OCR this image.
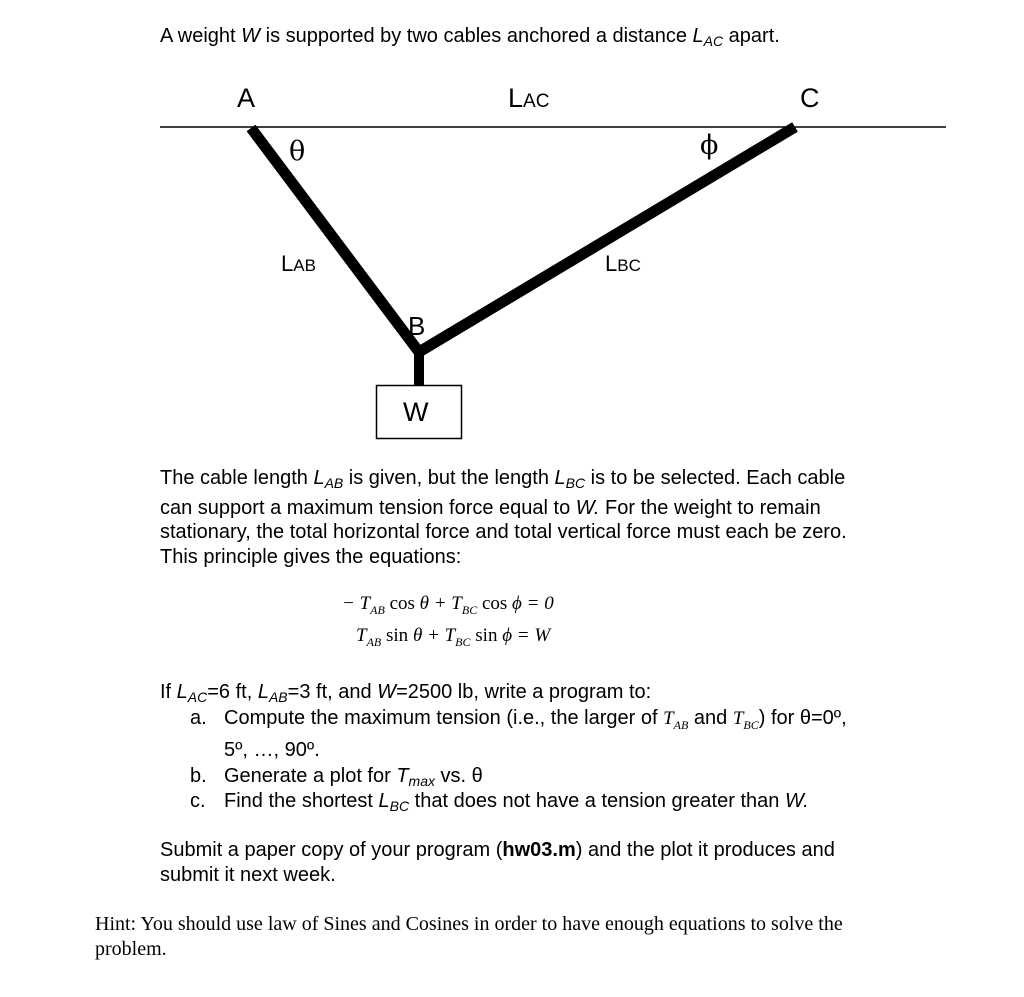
A weight W is supported by two cables anchored a distance $L_{AC}$ apart.
A	C
LAC
θ	ϕ
LAB	LBC
B
W
The cable length $L_{AB}$ is given, but the length $L_{BC}$ is to be selected. Each cable
can support a maximum tension force equal to W. For the weight to remain
stationary, the total horizontal force and total vertical force must each be zero.
This principle gives the equations:
− $T_{AB}$ $\cos \theta + T_{BC}$ cos ϕ = 0
$T_{AB}$ $\sin \theta + T_{BC}$ sin ϕ = W
If $L_{AC}=6$ ft, $L_{AB}=3$ ft, and W=2500 lb, write a program to:
a. Compute the maximum tension (i.e., the larger of $T_{AB}$ and $T_{BC}$) for θ=0º,
5º, …, 90º.
b. Generate a plot for $T_{max}$ vs. θ
c. Find the shortest $L_{BC}$ that does not have a tension greater than W.
Submit a paper copy of your program (hw03.m) and the plot it produces and
submit it next week.
Hint: You should use law of Sines and Cosines in order to have enough equations to solve the
problem.
